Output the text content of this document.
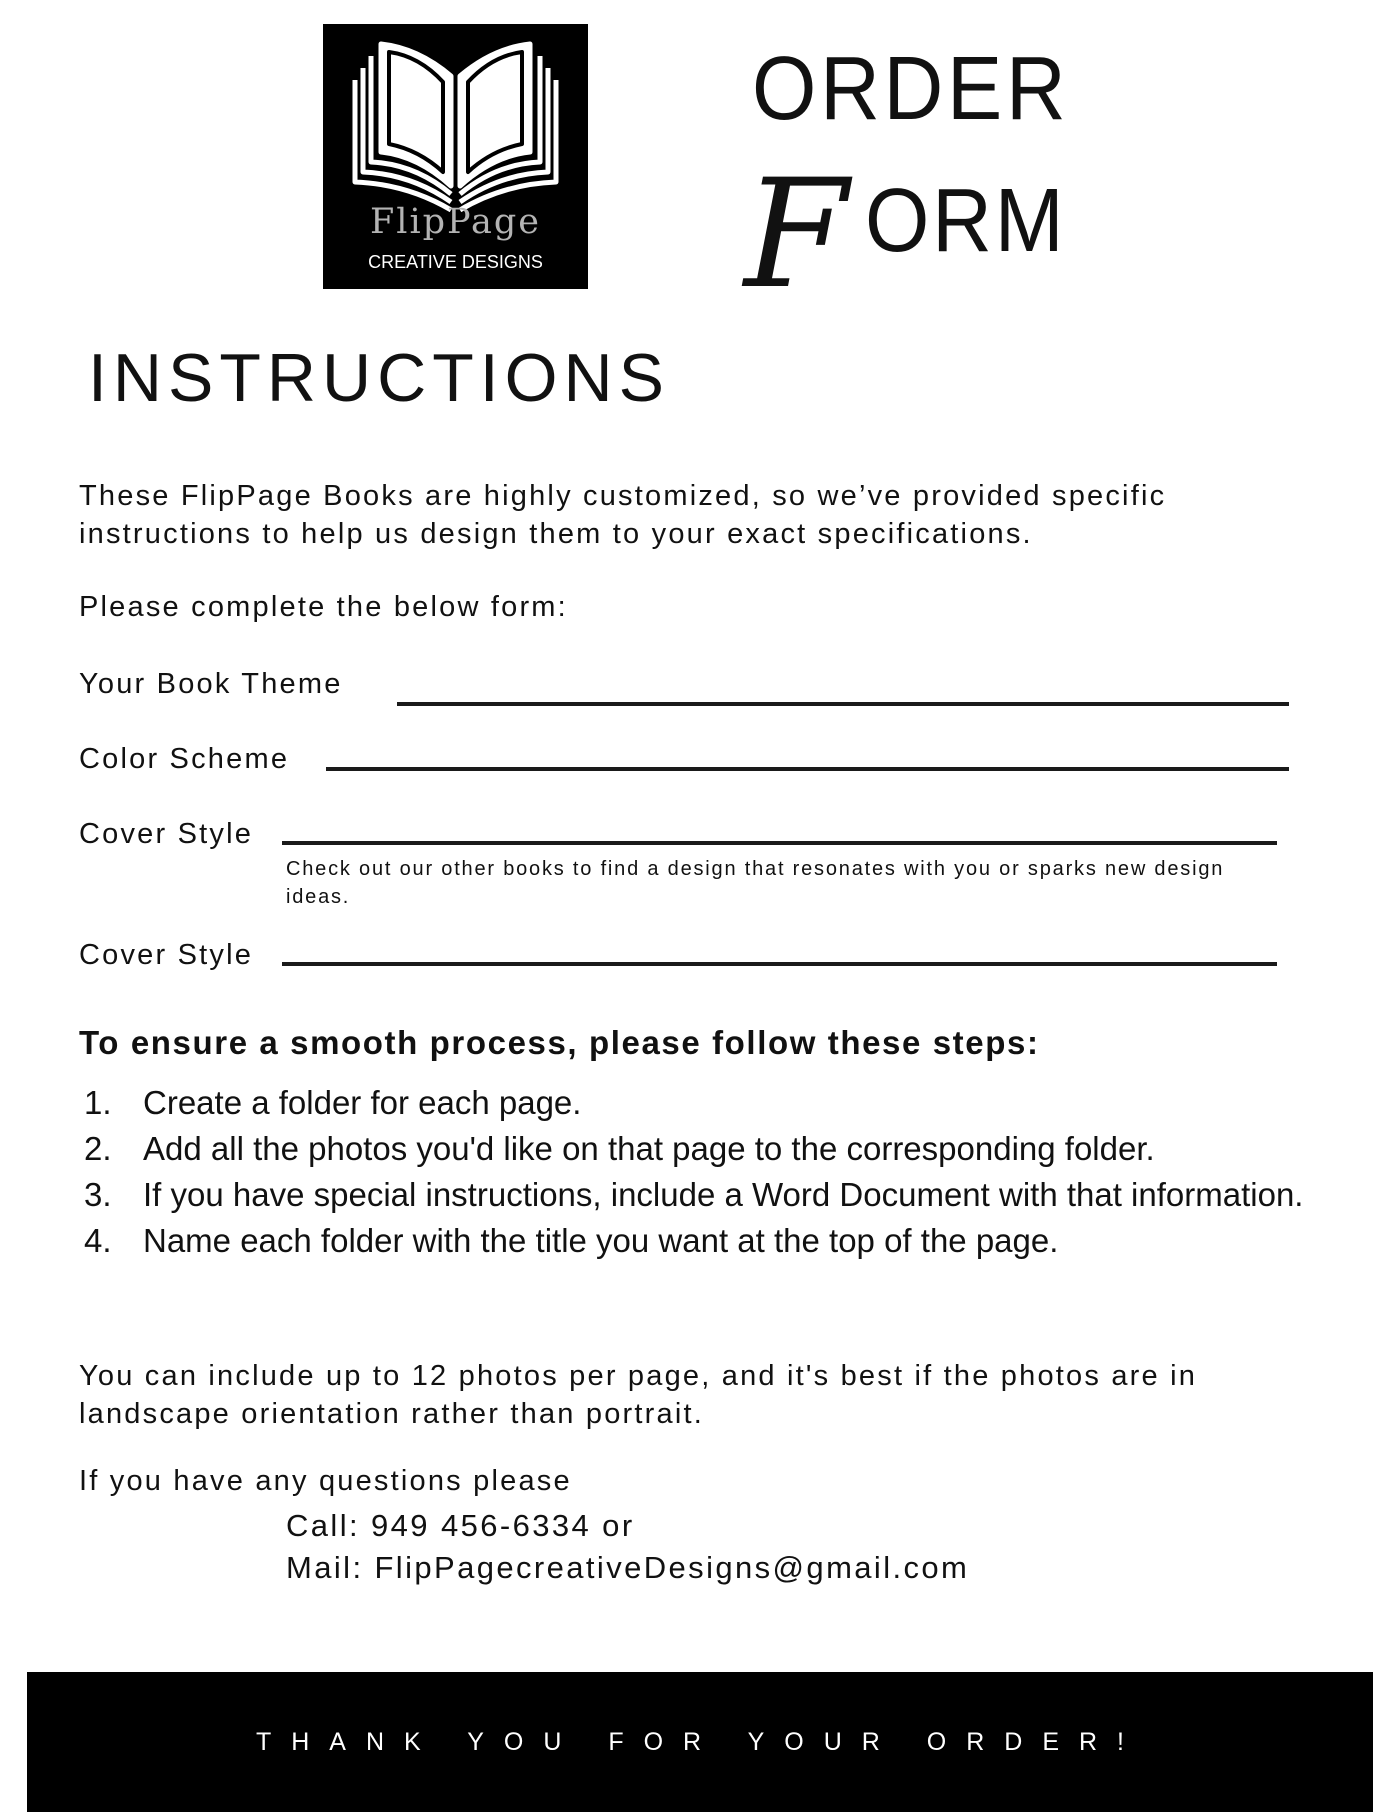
FlipPage
CREATIVE DESIGNS
ORDER
F ORM
INSTRUCTIONS

These FlipPage Books are highly customized, so we’ve provided specific instructions to help us design them to your exact specifications.

Please complete the below form:

Your Book Theme
Color Scheme
Cover Style

Check out our other books to find a design that resonates with you or sparks new design ideas.

Cover Style

To ensure a smooth process, please follow these steps:

1. Create a folder for each page.
2. Add all the photos you'd like on that page to the corresponding folder.
3. If you have special instructions, include a Word Document with that information.
4. Name each folder with the title you want at the top of the page.

You can include up to 12 photos per page, and it's best if the photos are in landscape orientation rather than portrait.

If you have any questions please

Call: 949 456-6334 or

Mail: FlipPagecreativeDesigns@gmail.com

THANK YOU FOR YOUR ORDER!
